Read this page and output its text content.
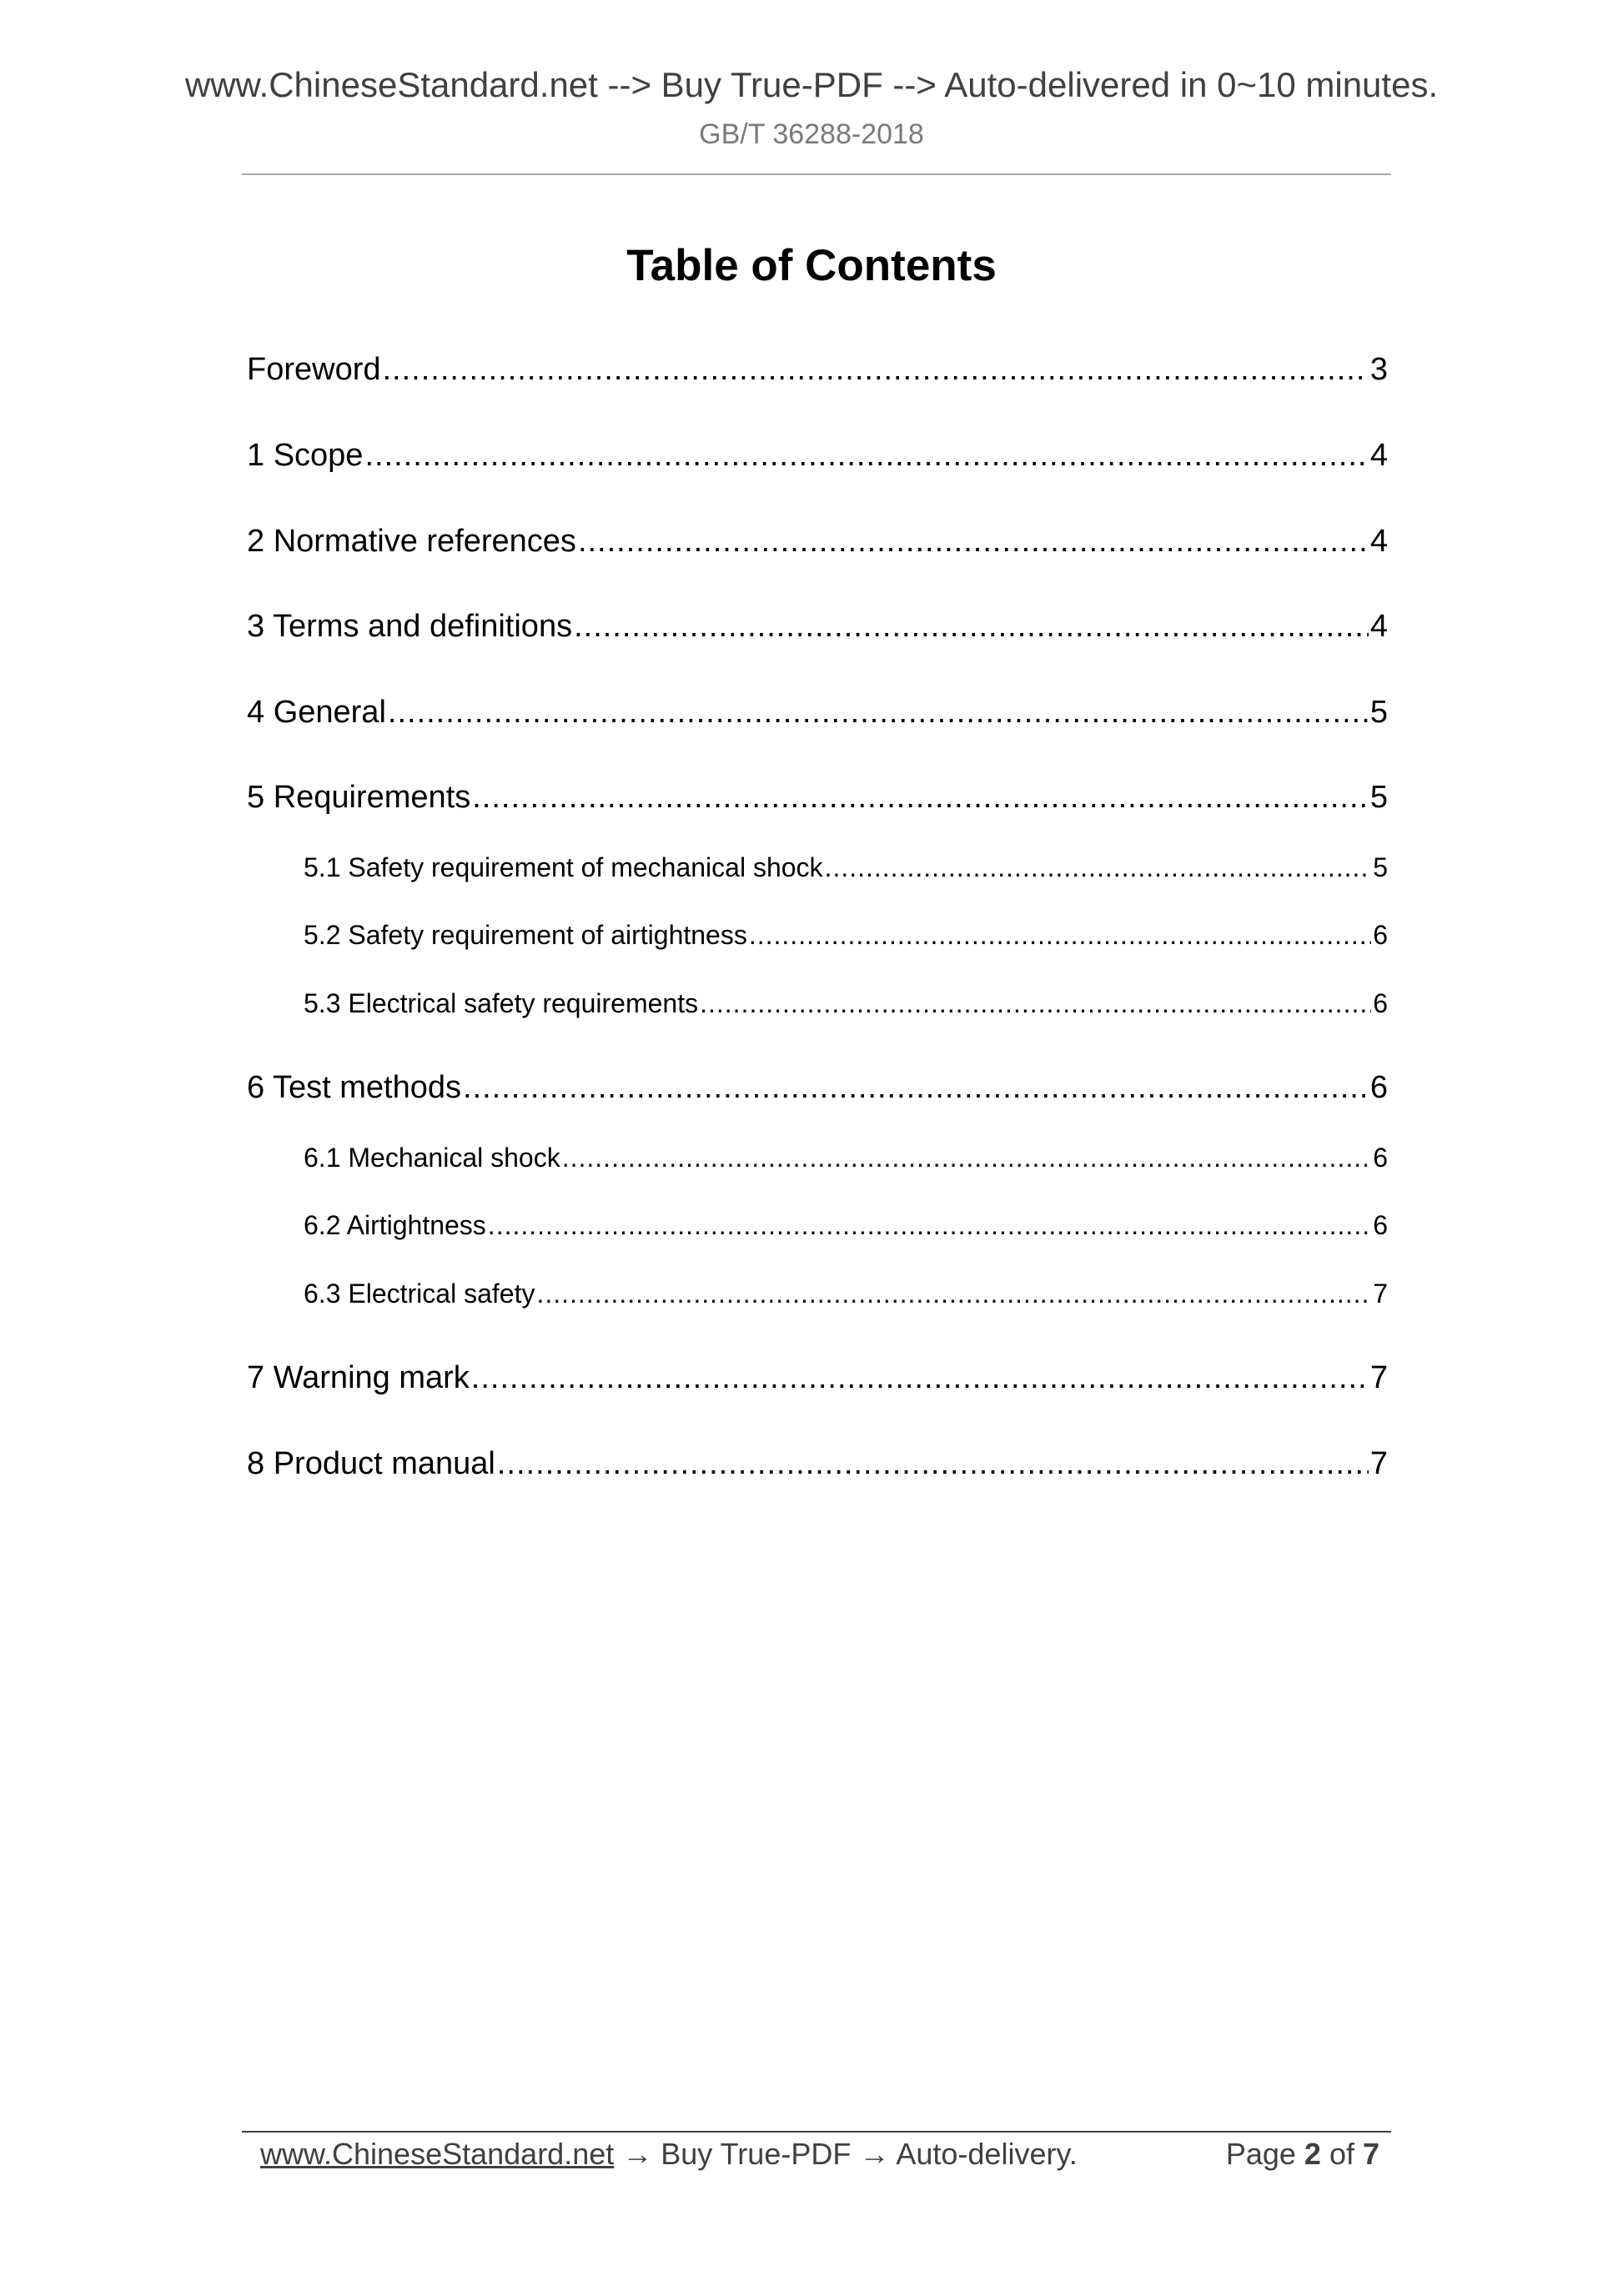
www.ChineseStandard.net --> Buy True-PDF --> Auto-delivered in 0~10 minutes.
GB/T 36288-2018
Table of Contents
Foreword .....	3
1 Scope .....	4
2 Normative references .....	4
3 Terms and definitions .....	4
4 General .....	5
5 Requirements .....	5
5.1 Safety requirement of mechanical shock .....	5
5.2 Safety requirement of airtightness .....	6
5.3 Electrical safety requirements .....	6
6 Test methods .....	6
6.1 Mechanical shock .....	6
6.2 Airtightness .....	6
6.3 Electrical safety .....	7
7 Warning mark .....	7
8 Product manual .....	7
www.ChineseStandard.net → Buy True-PDF → Auto-delivery.	Page 2 of 7
